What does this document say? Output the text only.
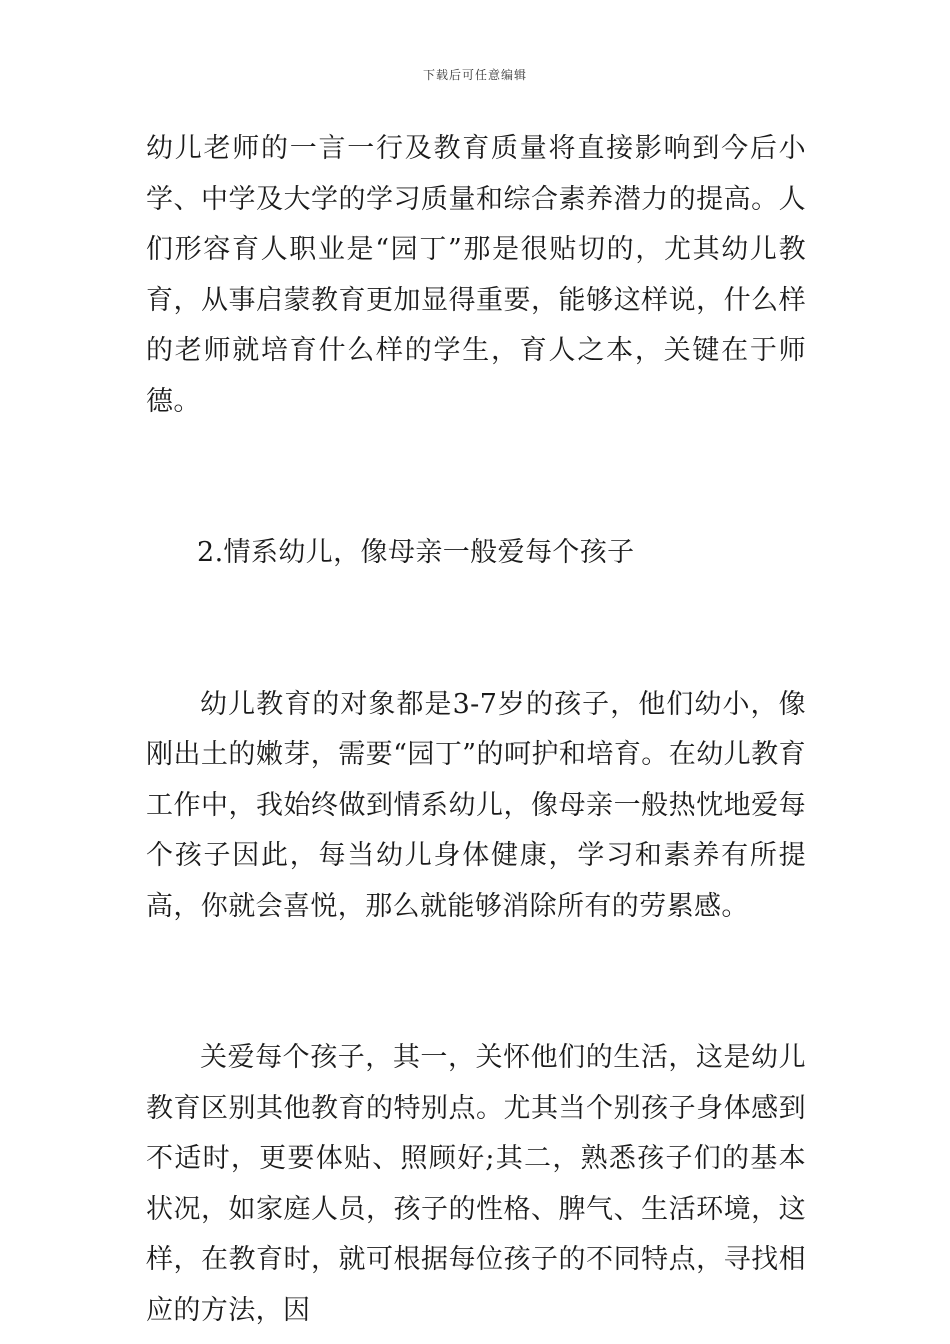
下载后可任意编辑

幼儿老师的一言一行及教育质量将直接影响到今后小学、中学及大学的学习质量和综合素养潜力的提高。人们形容育人职业是“园丁”那是很贴切的，尤其幼儿教育，从事启蒙教育更加显得重要，能够这样说，什么样的老师就培育什么样的学生，育人之本，关键在于师德。

2.情系幼儿，像母亲一般爱每个孩子

幼儿教育的对象都是3-7岁的孩子，他们幼小，像刚出土的嫩芽，需要“园丁”的呵护和培育。在幼儿教育工作中，我始终做到情系幼儿，像母亲一般热忱地爱每个孩子因此，每当幼儿身体健康，学习和素养有所提高，你就会喜悦，那么就能够消除所有的劳累感。

关爱每个孩子，其一，关怀他们的生活，这是幼儿教育区别其他教育的特别点。尤其当个别孩子身体感到不适时，更要体贴、照顾好;其二，熟悉孩子们的基本状况，如家庭人员，孩子的性格、脾气、生活环境，这样，在教育时，就可根据每位孩子的不同特点，寻找相应的方法，因
